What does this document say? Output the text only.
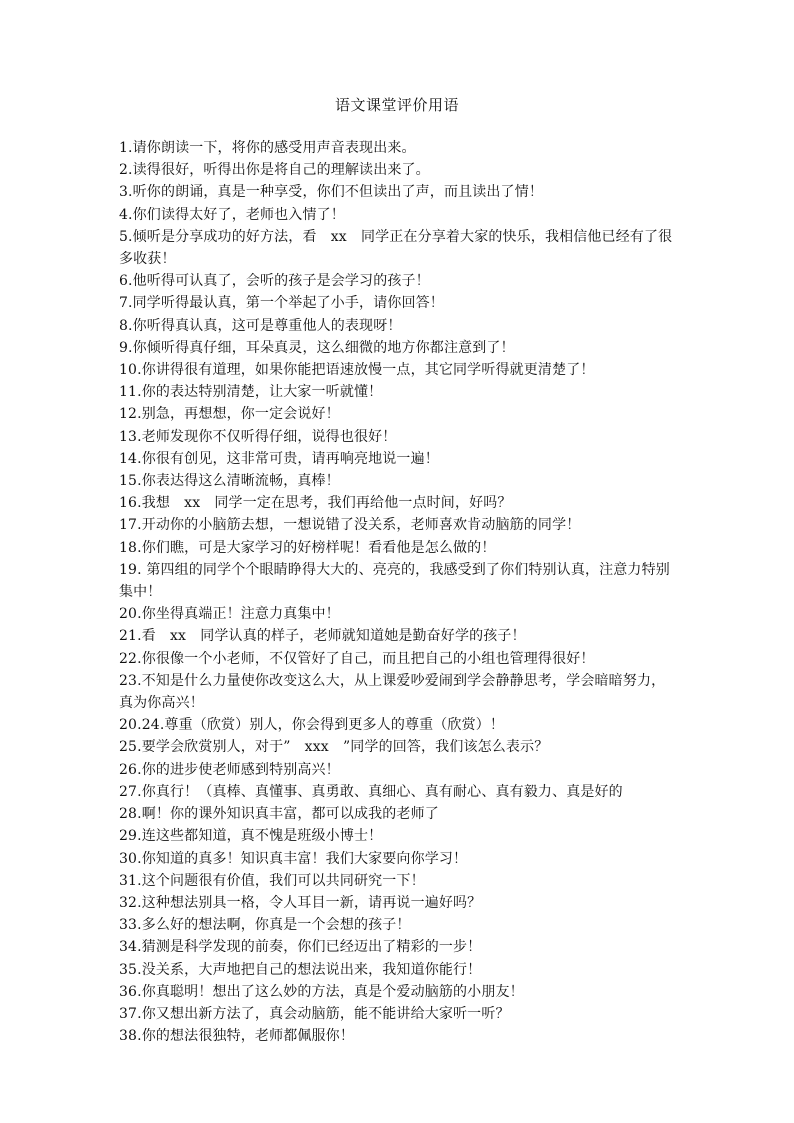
语文课堂评价用语
1.请你朗读一下，将你的感受用声音表现出来。
2.读得很好，听得出你是将自己的理解读出来了。
3.听你的朗诵，真是一种享受，你们不但读出了声，而且读出了情！
4.你们读得太好了，老师也入情了！
5.倾听是分享成功的好方法，看　xx　同学正在分享着大家的快乐，我相信他已经有了很多收获！
6.他听得可认真了，会听的孩子是会学习的孩子！
7.同学听得最认真，第一个举起了小手，请你回答！
8.你听得真认真，这可是尊重他人的表现呀！
9.你倾听得真仔细，耳朵真灵，这么细微的地方你都注意到了！
10.你讲得很有道理，如果你能把语速放慢一点，其它同学听得就更清楚了！
11.你的表达特别清楚，让大家一听就懂！
12.别急，再想想，你一定会说好！
13.老师发现你不仅听得仔细，说得也很好！
14.你很有创见，这非常可贵，请再响亮地说一遍！
15.你表达得这么清晰流畅，真棒！
16.我想　xx　同学一定在思考，我们再给他一点时间，好吗？
17.开动你的小脑筋去想，一想说错了没关系，老师喜欢肯动脑筋的同学！
18.你们瞧，可是大家学习的好榜样呢！看看他是怎么做的！
19. 第四组的同学个个眼睛睁得大大的、亮亮的，我感受到了你们特别认真，注意力特别集中！
20.你坐得真端正！注意力真集中！
21.看　xx　同学认真的样子，老师就知道她是勤奋好学的孩子！
22.你很像一个小老师，不仅管好了自己，而且把自己的小组也管理得很好！
23.不知是什么力量使你改变这么大，从上课爱吵爱闹到学会静静思考，学会暗暗努力，真为你高兴！
20.24.尊重（欣赏）别人，你会得到更多人的尊重（欣赏）！
25.要学会欣赏别人，对于”　xxx　”同学的回答，我们该怎么表示？
26.你的进步使老师感到特别高兴！
27.你真行！（真棒、真懂事、真勇敢、真细心、真有耐心、真有毅力、真是好的
28.啊！你的课外知识真丰富，都可以成我的老师了
29.连这些都知道，真不愧是班级小博士！
30.你知道的真多！知识真丰富！我们大家要向你学习！
31.这个问题很有价值，我们可以共同研究一下！
32.这种想法别具一格，令人耳目一新，请再说一遍好吗？
33.多么好的想法啊，你真是一个会想的孩子！
34.猜测是科学发现的前奏，你们已经迈出了精彩的一步！
35.没关系，大声地把自己的想法说出来，我知道你能行！
36.你真聪明！想出了这么妙的方法，真是个爱动脑筋的小朋友！
37.你又想出新方法了，真会动脑筋，能不能讲给大家听一听？
38.你的想法很独特，老师都佩服你！
